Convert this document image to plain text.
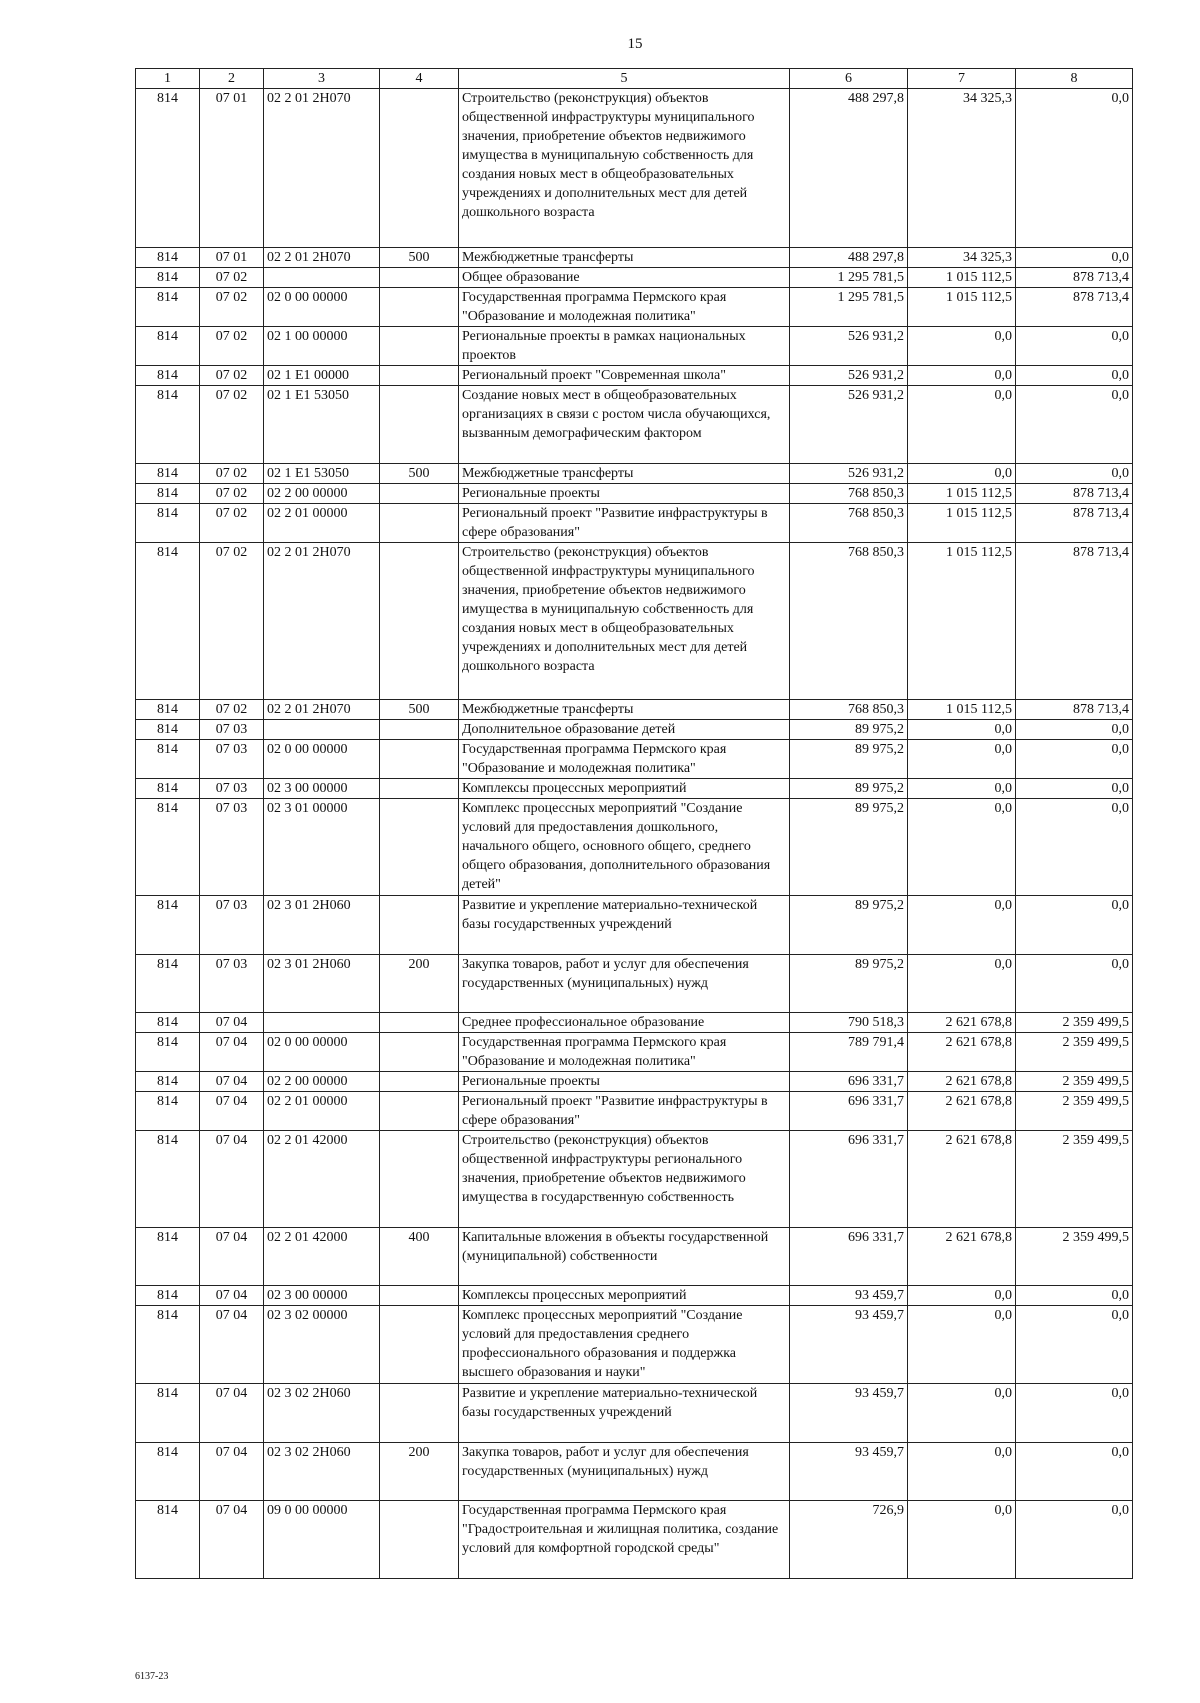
15
1	2	3	4	5	6	7	8
814	07 01	02 2 01 2Н070		Строительство (реконструкция) объектов общественной инфраструктуры муниципального значения, приобретение объектов недвижимого имущества в муниципальную собственность для создания новых мест в общеобразовательных учреждениях и дополнительных мест для детей дошкольного возраста	488 297,8	34 325,3	0,0
814	07 01	02 2 01 2Н070	500	Межбюджетные трансферты	488 297,8	34 325,3	0,0
814	07 02			Общее образование	1 295 781,5	1 015 112,5	878 713,4
814	07 02	02 0 00 00000		Государственная программа Пермского края "Образование и молодежная политика"	1 295 781,5	1 015 112,5	878 713,4
814	07 02	02 1 00 00000		Региональные проекты в рамках национальных проектов	526 931,2	0,0	0,0
814	07 02	02 1 Е1 00000		Региональный проект "Современная школа"	526 931,2	0,0	0,0
814	07 02	02 1 Е1 53050		Создание новых мест в общеобразовательных организациях в связи с ростом числа обучающихся, вызванным демографическим фактором	526 931,2	0,0	0,0
814	07 02	02 1 Е1 53050	500	Межбюджетные трансферты	526 931,2	0,0	0,0
814	07 02	02 2 00 00000		Региональные проекты	768 850,3	1 015 112,5	878 713,4
814	07 02	02 2 01 00000		Региональный проект "Развитие инфраструктуры в сфере образования"	768 850,3	1 015 112,5	878 713,4
814	07 02	02 2 01 2Н070		Строительство (реконструкция) объектов общественной инфраструктуры муниципального значения, приобретение объектов недвижимого имущества в муниципальную собственность для создания новых мест в общеобразовательных учреждениях и дополнительных мест для детей дошкольного возраста	768 850,3	1 015 112,5	878 713,4
814	07 02	02 2 01 2Н070	500	Межбюджетные трансферты	768 850,3	1 015 112,5	878 713,4
814	07 03			Дополнительное образование детей	89 975,2	0,0	0,0
814	07 03	02 0 00 00000		Государственная программа Пермского края "Образование и молодежная политика"	89 975,2	0,0	0,0
814	07 03	02 3 00 00000		Комплексы процессных мероприятий	89 975,2	0,0	0,0
814	07 03	02 3 01 00000		Комплекс процессных мероприятий "Создание условий для предоставления дошкольного, начального общего, основного общего, среднего общего образования, дополнительного образования детей"	89 975,2	0,0	0,0
814	07 03	02 3 01 2Н060		Развитие и укрепление материально-технической базы государственных учреждений	89 975,2	0,0	0,0
814	07 03	02 3 01 2Н060	200	Закупка товаров, работ и услуг для обеспечения государственных (муниципальных) нужд	89 975,2	0,0	0,0
814	07 04			Среднее профессиональное образование	790 518,3	2 621 678,8	2 359 499,5
814	07 04	02 0 00 00000		Государственная программа Пермского края "Образование и молодежная политика"	789 791,4	2 621 678,8	2 359 499,5
814	07 04	02 2 00 00000		Региональные проекты	696 331,7	2 621 678,8	2 359 499,5
814	07 04	02 2 01 00000		Региональный проект "Развитие инфраструктуры в сфере образования"	696 331,7	2 621 678,8	2 359 499,5
814	07 04	02 2 01 42000		Строительство (реконструкция) объектов общественной инфраструктуры регионального значения, приобретение объектов недвижимого имущества в государственную собственность	696 331,7	2 621 678,8	2 359 499,5
814	07 04	02 2 01 42000	400	Капитальные вложения в объекты государственной (муниципальной) собственности	696 331,7	2 621 678,8	2 359 499,5
814	07 04	02 3 00 00000		Комплексы процессных мероприятий	93 459,7	0,0	0,0
814	07 04	02 3 02 00000		Комплекс процессных мероприятий "Создание условий для предоставления среднего профессионального образования и поддержка высшего образования и науки"	93 459,7	0,0	0,0
814	07 04	02 3 02 2Н060		Развитие и укрепление материально-технической базы государственных учреждений	93 459,7	0,0	0,0
814	07 04	02 3 02 2Н060	200	Закупка товаров, работ и услуг для обеспечения государственных (муниципальных) нужд	93 459,7	0,0	0,0
814	07 04	09 0 00 00000		Государственная программа Пермского края "Градостроительная и жилищная политика, создание условий для комфортной городской среды"	726,9	0,0	0,0
6137-23
